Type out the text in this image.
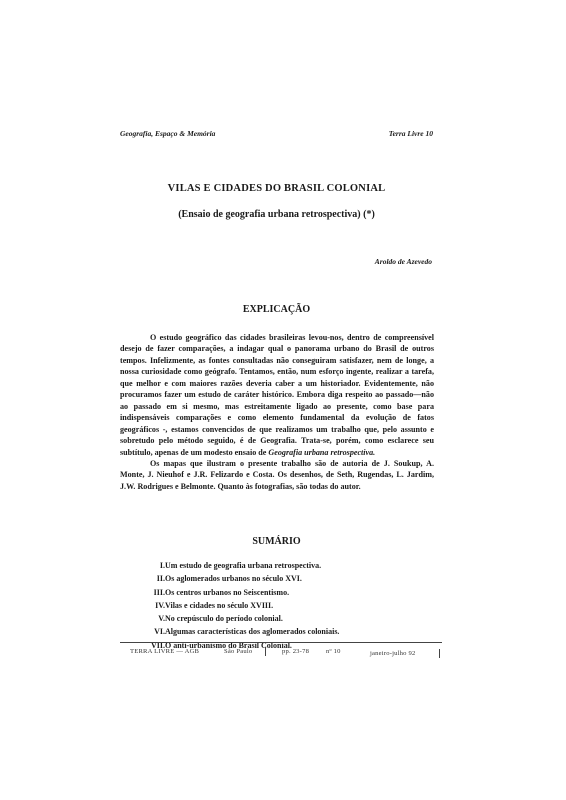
Geografia, Espaço & Memória	Terra Livre 10
VILAS E CIDADES DO BRASIL COLONIAL
(Ensaio de geografia urbana retrospectiva) (*)
Aroldo de Azevedo
EXPLICAÇÃO

O estudo geográfico das cidades brasileiras levou-nos, dentro de compreensível desejo de fazer comparações, a indagar qual o panorama urbano do Brasil de outros tempos. Infelizmente, as fontes consultadas não conseguiram satisfazer, nem de longe, a nossa curiosidade como geógrafo. Tentamos, então, num esforço ingente, realizar a tarefa, que melhor e com maiores razões deveria caber a um historiador. Evidentemente, não procuramos fazer um estudo de caráter histórico. Embora diga respeito ao passado—não ao passado em si mesmo, mas estreitamente ligado ao presente, como base para indispensáveis comparações e como elemento fundamental da evolução de fatos geográficos -, estamos convencidos de que realizamos um trabalho que, pelo assunto e sobretudo pelo método seguido, é de Geografia. Trata-se, porém, como esclarece seu subtítulo, apenas de um modesto ensaio de Geografia urbana retrospectiva.

Os mapas que ilustram o presente trabalho são de autoria de J. Soukup, A. Monte, J. Nieuhof e J.R. Felizardo e Costa. Os desenhos, de Seth, Rugendas, L. Jardim, J.W. Rodrigues e Belmonte. Quanto às fotografias, são todas do autor.

SUMÁRIO
I. Um estudo de geografia urbana retrospectiva.
II. Os aglomerados urbanos no século XVI.
III. Os centros urbanos no Seiscentismo.
IV. Vilas e cidades no século XVIII.
V. No crepúsculo do período colonial.
VI. Algumas características dos aglomerados coloniais.
VII. O anti-urbanismo do Brasil Colonial.
TERRA LIVRE — AGB	São Paulo	pp. 23-78	nº 10	janeiro-julho 92
